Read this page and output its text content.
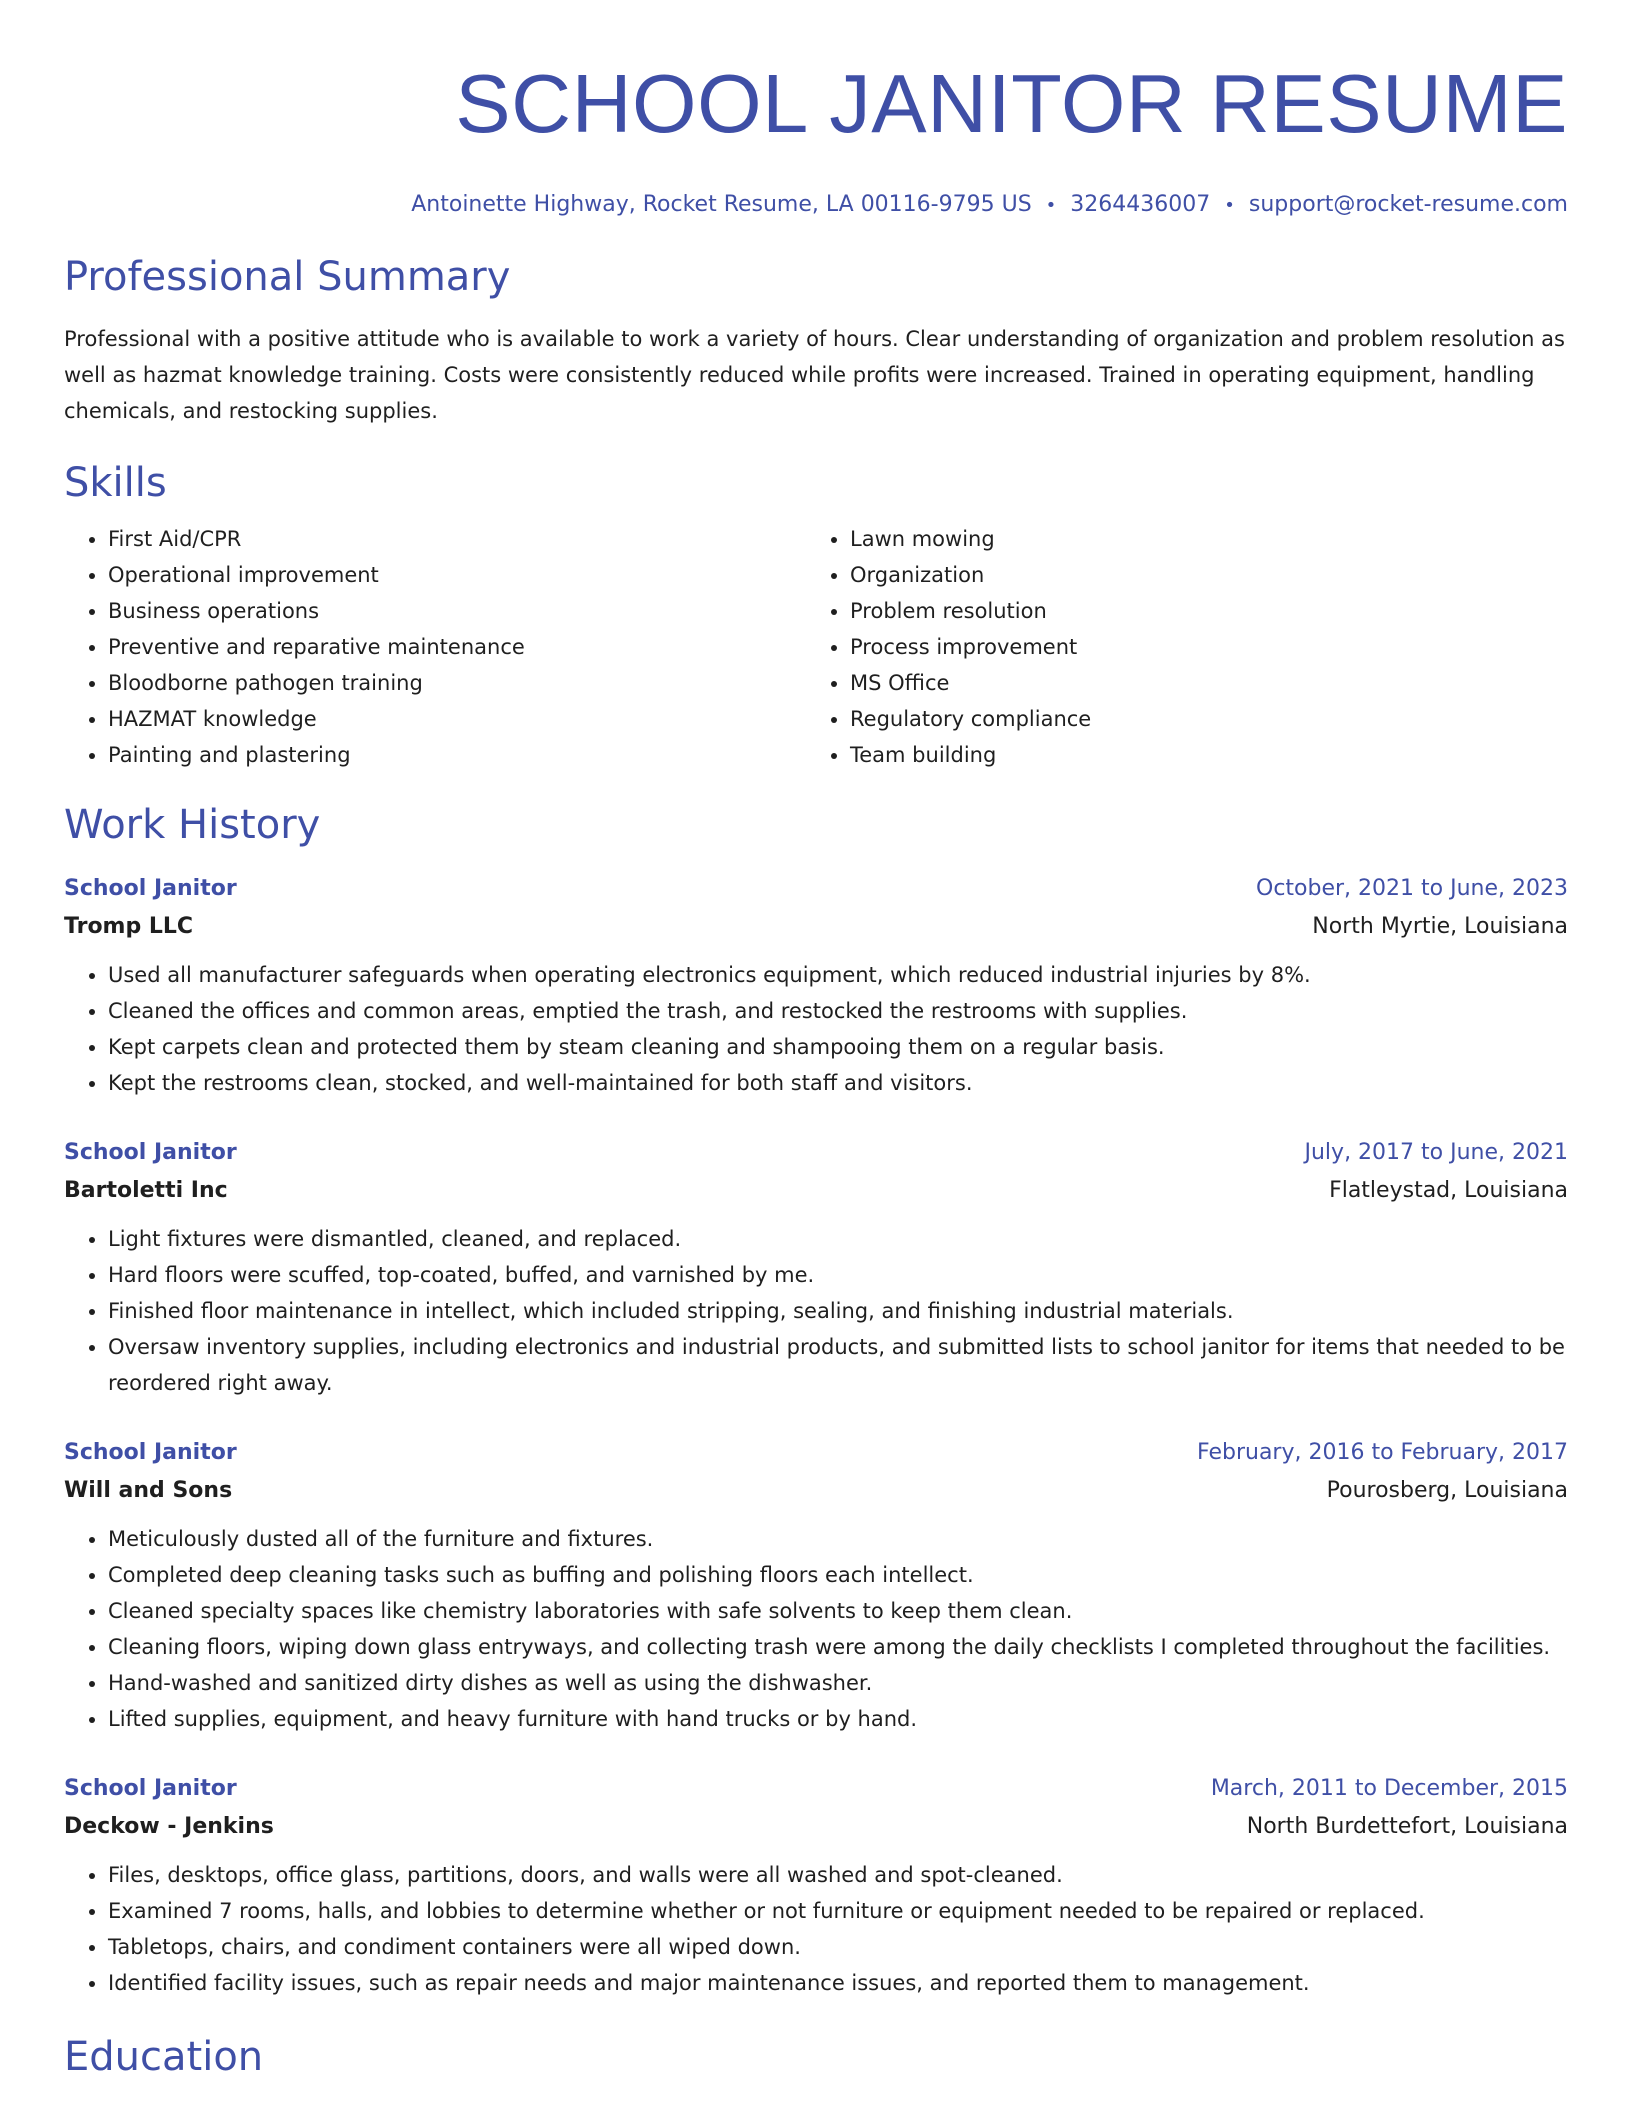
SCHOOL JANITOR RESUME
Antoinette Highway, Rocket Resume, LA 00116-9795 US • 3264436007 • support@rocket-resume.com
Professional Summary

Professional with a positive attitude who is available to work a variety of hours. Clear understanding of organization and problem resolution as well as hazmat knowledge training. Costs were consistently reduced while profits were increased. Trained in operating equipment, handling chemicals, and restocking supplies.

Skills
• First Aid/CPR
• Operational improvement
• Business operations
• Preventive and reparative maintenance
• Bloodborne pathogen training
• HAZMAT knowledge
• Painting and plastering
• Lawn mowing
• Organization
• Problem resolution
• Process improvement
• MS Office
• Regulatory compliance
• Team building
Work History
School Janitor	October, 2021 to June, 2023
Tromp LLC	North Myrtie, Louisiana
• Used all manufacturer safeguards when operating electronics equipment, which reduced industrial injuries by 8%.
• Cleaned the offices and common areas, emptied the trash, and restocked the restrooms with supplies.
• Kept carpets clean and protected them by steam cleaning and shampooing them on a regular basis.
• Kept the restrooms clean, stocked, and well-maintained for both staff and visitors.
School Janitor	July, 2017 to June, 2021
Bartoletti Inc	Flatleystad, Louisiana
• Light fixtures were dismantled, cleaned, and replaced.
• Hard floors were scuffed, top-coated, buffed, and varnished by me.
• Finished floor maintenance in intellect, which included stripping, sealing, and finishing industrial materials.
• Oversaw inventory supplies, including electronics and industrial products, and submitted lists to school janitor for items that needed to be reordered right away.
School Janitor	February, 2016 to February, 2017
Will and Sons	Pourosberg, Louisiana
• Meticulously dusted all of the furniture and fixtures.
• Completed deep cleaning tasks such as buffing and polishing floors each intellect.
• Cleaned specialty spaces like chemistry laboratories with safe solvents to keep them clean.
• Cleaning floors, wiping down glass entryways, and collecting trash were among the daily checklists I completed throughout the facilities.
• Hand-washed and sanitized dirty dishes as well as using the dishwasher.
• Lifted supplies, equipment, and heavy furniture with hand trucks or by hand.
School Janitor	March, 2011 to December, 2015
Deckow - Jenkins	North Burdettefort, Louisiana
• Files, desktops, office glass, partitions, doors, and walls were all washed and spot-cleaned.
• Examined 7 rooms, halls, and lobbies to determine whether or not furniture or equipment needed to be repaired or replaced.
• Tabletops, chairs, and condiment containers were all wiped down.
• Identified facility issues, such as repair needs and major maintenance issues, and reported them to management.
Education
